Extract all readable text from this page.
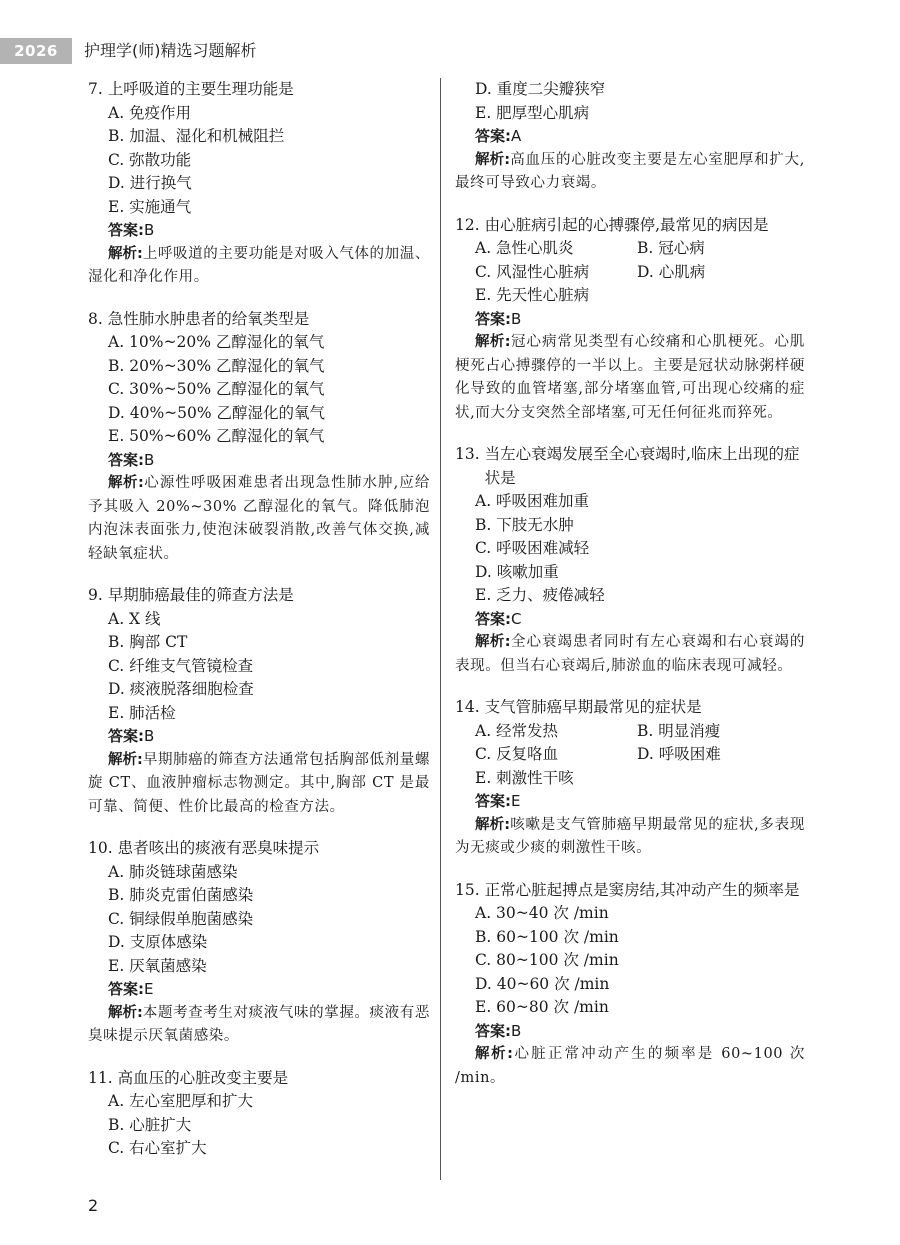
2026	护理学(师)精选习题解析
7. 上呼吸道的主要生理功能是
A. 免疫作用
B. 加温、湿化和机械阻拦
C. 弥散功能
D. 进行换气
E. 实施通气
答案:B
解析:上呼吸道的主要功能是对吸入气体的加温、湿化和净化作用。
8. 急性肺水肿患者的给氧类型是
A. 10%~20% 乙醇湿化的氧气
B. 20%~30% 乙醇湿化的氧气
C. 30%~50% 乙醇湿化的氧气
D. 40%~50% 乙醇湿化的氧气
E. 50%~60% 乙醇湿化的氧气
答案:B
解析:心源性呼吸困难患者出现急性肺水肿,应给予其吸入 20%~30% 乙醇湿化的氧气。降低肺泡内泡沫表面张力,使泡沫破裂消散,改善气体交换,减轻缺氧症状。
9. 早期肺癌最佳的筛查方法是
A. X 线
B. 胸部 CT
C. 纤维支气管镜检查
D. 痰液脱落细胞检查
E. 肺活检
答案:B
解析:早期肺癌的筛查方法通常包括胸部低剂量螺旋 CT、血液肿瘤标志物测定。其中,胸部 CT 是最可靠、简便、性价比最高的检查方法。
10. 患者咳出的痰液有恶臭味提示
A. 肺炎链球菌感染
B. 肺炎克雷伯菌感染
C. 铜绿假单胞菌感染
D. 支原体感染
E. 厌氧菌感染
答案:E
解析:本题考查考生对痰液气味的掌握。痰液有恶臭味提示厌氧菌感染。
11. 高血压的心脏改变主要是
A. 左心室肥厚和扩大
B. 心脏扩大
C. 右心室扩大
D. 重度二尖瓣狭窄
E. 肥厚型心肌病
答案:A
解析:高血压的心脏改变主要是左心室肥厚和扩大,最终可导致心力衰竭。
12. 由心脏病引起的心搏骤停,最常见的病因是
A. 急性心肌炎	B. 冠心病
C. 风湿性心脏病	D. 心肌病
E. 先天性心脏病
答案:B
解析:冠心病常见类型有心绞痛和心肌梗死。心肌梗死占心搏骤停的一半以上。主要是冠状动脉粥样硬化导致的血管堵塞,部分堵塞血管,可出现心绞痛的症状,而大分支突然全部堵塞,可无任何征兆而猝死。
13.
当左心衰竭发展至全心衰竭时,临床上出现的症状是
A. 呼吸困难加重
B. 下肢无水肿
C. 呼吸困难减轻
D. 咳嗽加重
E. 乏力、疲倦减轻
答案:C
解析:全心衰竭患者同时有左心衰竭和右心衰竭的表现。但当右心衰竭后,肺淤血的临床表现可减轻。
14. 支气管肺癌早期最常见的症状是
A. 经常发热	B. 明显消瘦
C. 反复咯血	D. 呼吸困难
E. 刺激性干咳
答案:E
解析:咳嗽是支气管肺癌早期最常见的症状,多表现为无痰或少痰的刺激性干咳。
15.
正常心脏起搏点是窦房结,其冲动产生的频率是
A. 30~40 次 /min
B. 60~100 次 /min
C. 80~100 次 /min
D. 40~60 次 /min
E. 60~80 次 /min
答案:B
解析:心脏正常冲动产生的频率是 60~100 次 /min。
2
